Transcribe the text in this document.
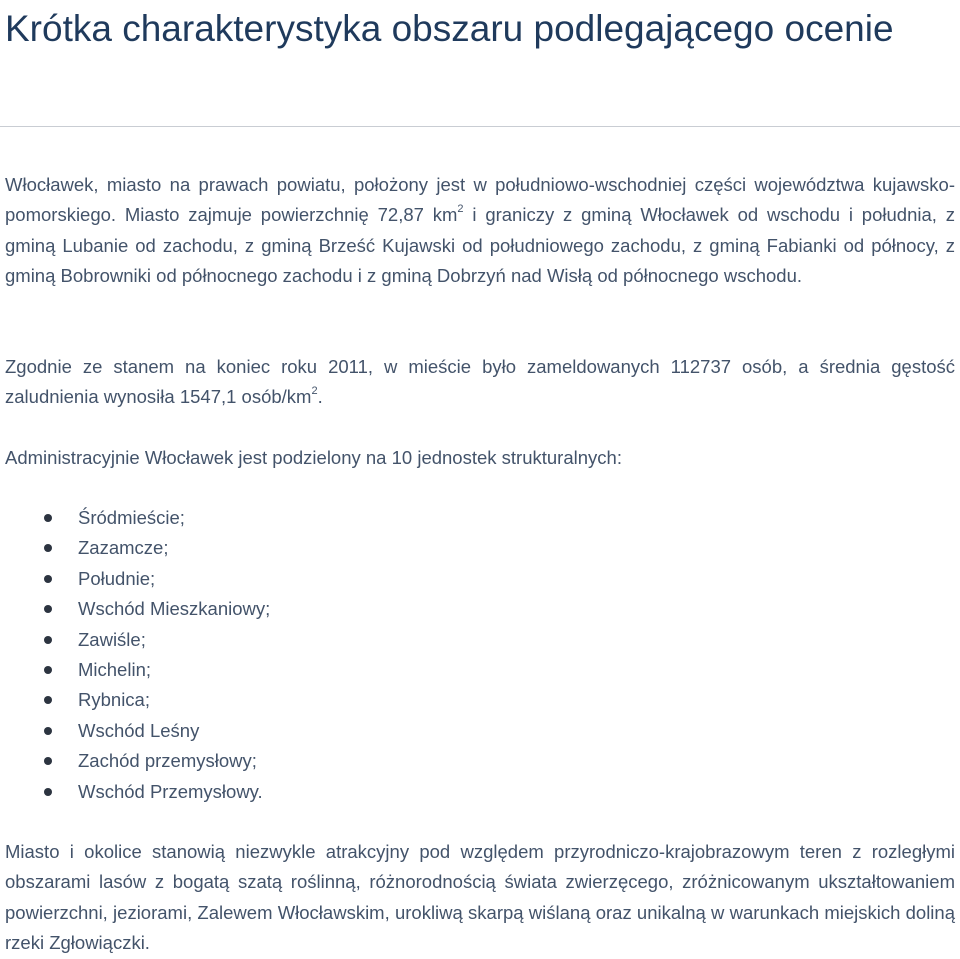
Krótka charakterystyka obszaru podlegającego ocenie

Włocławek, miasto na prawach powiatu, położony jest w południowo-wschodniej części województwa kujawsko-pomorskiego. Miasto zajmuje powierzchnię 72,87 $km^2$ i graniczy z gminą Włocławek od wschodu i południa, z gminą Lubanie od zachodu, z gminą Brześć Kujawski od południowego zachodu, z gminą Fabianki od północy, z gminą Bobrowniki od północnego zachodu i z gminą Dobrzyń nad Wisłą od północnego wschodu.

Zgodnie ze stanem na koniec roku 2011, w mieście było zameldowanych 112737 osób, a średnia gęstość zaludnienia wynosiła 1547,1 osób/$km^2$.

Administracyjnie Włocławek jest podzielony na 10 jednostek strukturalnych:

Śródmieście;
Zazamcze;
Południe;
Wschód Mieszkaniowy;
Zawiśle;
Michelin;
Rybnica;
Wschód Leśny
Zachód przemysłowy;
Wschód Przemysłowy.

Miasto i okolice stanowią niezwykle atrakcyjny pod względem przyrodniczo-krajobrazowym teren z rozległymi obszarami lasów z bogatą szatą roślinną, różnorodnością świata zwierzęcego, zróżnicowanym ukształtowaniem powierzchni, jeziorami, Zalewem Włocławskim, urokliwą skarpą wiślaną oraz unikalną w warunkach miejskich doliną rzeki Zgłowiączki.
